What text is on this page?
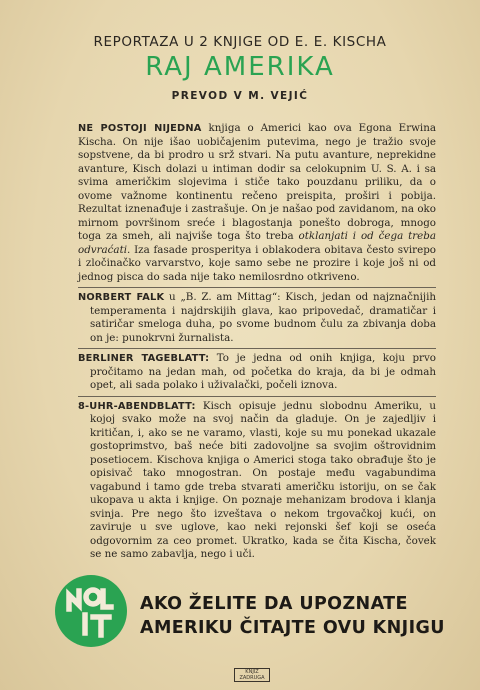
REPORTAZA U 2 KNJIGE OD E. E. KISCHA
RAJ AMERIKA
PREVOD V M. VEJIĆ

NE POSTOJI NIJEDNA knjiga o Americi kao ova Egona Erwina Kischa. On nije išao uobičajenim putevima, nego je tražio svoje sopstvene, da bi prodro u srž stvari. Na putu avanture, neprekidne avanture, Kisch dolazi u intiman dodir sa celokupnim U. S. A. i sa svima američkim slojevima i stiče tako pouzdanu priliku, da o ovome važnome kontinentu rečeno preispita, proširi i pobija. Rezultat iznenađuje i zastrašuje. On je našao pod zavidanom, na oko mirnom površinom sreće i blagostanja ponešto dobroga, mnogo toga za smeh, ali najviše toga što treba otklanjati i od čega treba odvraćati. Iza fasade prosperitya i oblakodera obitava često svirepo i zločinačko varvarstvo, koje samo sebe ne prozire i koje još ni od jednog pisca do sada nije tako nemilosrdno otkriveno.

NORBERT FALK u „B. Z. am Mittag“: Kisch, jedan od najznačnijih temperamenta i najdrskijih glava, kao pripovedač, dramatičar i satiričar smeloga duha, po svome budnom čulu za zbivanja doba on je: punokrvni žurnalista.

BERLINER TAGEBLATT: To je jedna od onih knjiga, koju prvo pročitamo na jedan mah, od početka do kraja, da bi je odmah opet, ali sada polako i uživalački, počeli iznova.

8-UHR-ABENDBLATT: Kisch opisuje jednu slobodnu Ameriku, u kojoj svako može na svoj način da gladuje. On je zajedljiv i kritičan, i, ako se ne varamo, vlasti, koje su mu ponekad ukazale gostoprimstvo, baš neće biti zadovoljne sa svojim oštrovidnim posetiocem. Kischova knjiga o Americi stoga tako obrađuje što je opisivač tako mnogostran. On postaje među vagabundima vagabund i tamo gde treba stvarati američku istoriju, on se čak ukopava u akta i knjige. On poznaje mehanizam brodova i klanja svinja. Pre nego što izveštava o nekom trgovačkoj kući, on zaviruje u sve uglove, kao neki rejonski šef koji se oseća odgovornim za ceo promet. Ukratko, kada se čita Kischa, čovek se ne samo zabavlja, nego i uči.

AKO ŽELITE DA UPOZNATE
AMERIKU ČITAJTE OVU KNJIGU
KNJIŽ
ZADRUGA
